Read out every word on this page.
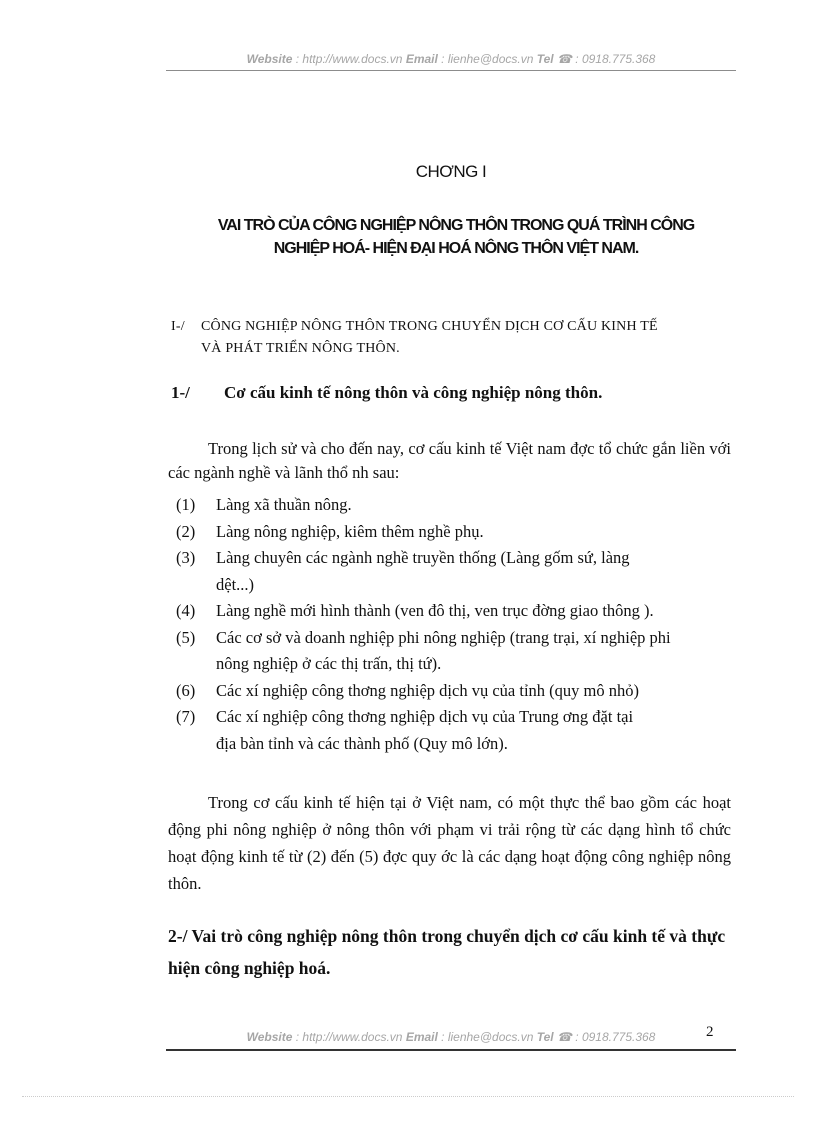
Website : http://www.docs.vn Email : lienhe@docs.vn Tel ☎ : 0918.775.368
CHƠNG I
VAI TRÒ CỦA CÔNG NGHIỆP NÔNG THÔN TRONG QUÁ TRÌNH CÔNG
NGHIỆP HOÁ- HIỆN ĐẠI HOÁ NÔNG THÔN VIỆT NAM.
I-/ CÔNG NGHIỆP NÔNG THÔN TRONG CHUYỂN DỊCH CƠ CẤU KINH TẾ
VÀ PHÁT TRIỂN NÔNG THÔN.
1-/ Cơ cấu kinh tế nông thôn và công nghiệp nông thôn.
Trong lịch sử và cho đến nay, cơ cấu kinh tế Việt nam đợc tổ chức gắn liền với các ngành nghề và lãnh thổ nh sau:
(1)	Làng xã thuần nông.
(2)	Làng nông nghiệp, kiêm thêm nghề phụ.
(3)	Làng chuyên các ngành nghề truyền thống (Làng gốm sứ, làng
dệt...)
(4)	Làng nghề mới hình thành (ven đô thị, ven trục đờng giao thông ).
(5)	Các cơ sở và doanh nghiệp phi nông nghiệp (trang trại, xí nghiệp phi
nông nghiệp ở các thị trấn, thị tứ).
(6)	Các xí nghiệp công thơng nghiệp dịch vụ của tỉnh (quy mô nhỏ)
(7)	Các xí nghiệp công thơng nghiệp dịch vụ của Trung ơng đặt tại
địa bàn tỉnh và các thành phố (Quy mô lớn).
Trong cơ cấu kinh tế hiện tại ở Việt nam, có một thực thể bao gồm các hoạt động phi nông nghiệp ở nông thôn với phạm vi trải rộng từ các dạng hình tổ chức hoạt động kinh tế từ (2) đến (5) đợc quy ớc là các dạng hoạt động công nghiệp nông thôn.
2-/ Vai trò công nghiệp nông thôn trong chuyển dịch cơ cấu kinh tế và thực hiện công nghiệp hoá.
Website : http://www.docs.vn Email : lienhe@docs.vn Tel ☎ : 0918.775.368	2
